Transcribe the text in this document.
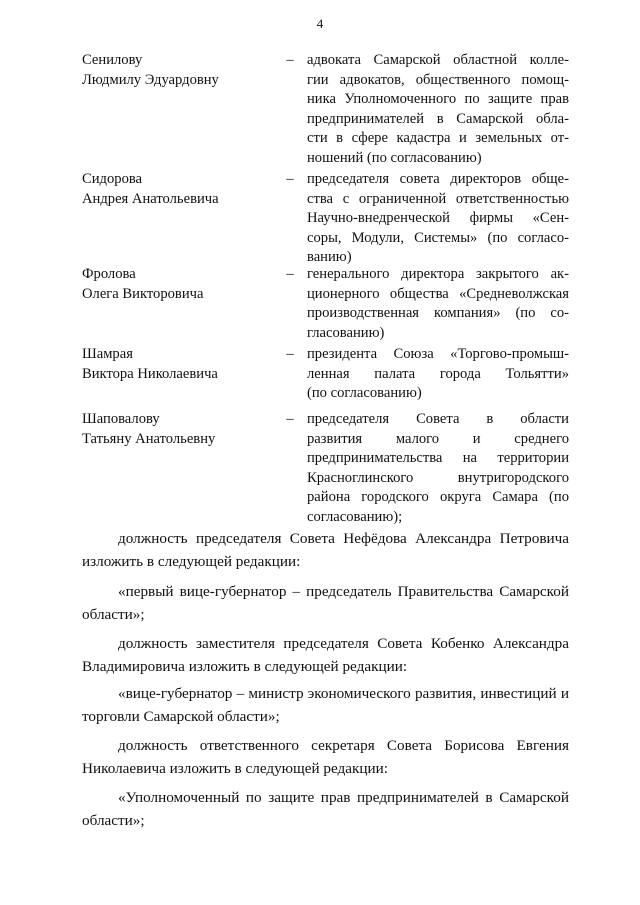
4
Сенилову
Людмилу Эдуардовну
– адвоката Самарской областной колле-
гии адвокатов, общественного помощ-
ника Уполномоченного по защите прав
предпринимателей в Самарской обла-
сти в сфере кадастра и земельных от-
ношений (по согласованию)
Сидорова
Андрея Анатольевича
– председателя совета директоров обще-
ства с ограниченной ответственностью
Научно-внедренческой фирмы «Сен-
соры, Модули, Системы» (по согласо-
ванию)
Фролова
Олега Викторовича
– генерального директора закрытого ак-
ционерного общества «Средневолжская
производственная компания» (по со-
гласованию)
Шамрая
Виктора Николаевича
– президента Союза «Торгово-промыш-
ленная палата города Тольятти»
(по согласованию)
Шаповалову
Татьяну Анатольевну
– председателя Совета в области
развития малого и среднего
предпринимательства на территории
Красноглинского внутригородского
района городского округа Самара (по
согласованию);
должность председателя Совета Нефёдова Александра Петровича
изложить в следующей редакции:
«первый вице-губернатор – председатель Правительства Самарской
области»;
должность заместителя председателя Совета Кобенко Александра
Владимировича изложить в следующей редакции:
«вице-губернатор – министр экономического развития, инвестиций и
торговли Самарской области»;
должность ответственного секретаря Совета Борисова Евгения
Николаевича изложить в следующей редакции:
«Уполномоченный по защите прав предпринимателей в Самарской
области»;
